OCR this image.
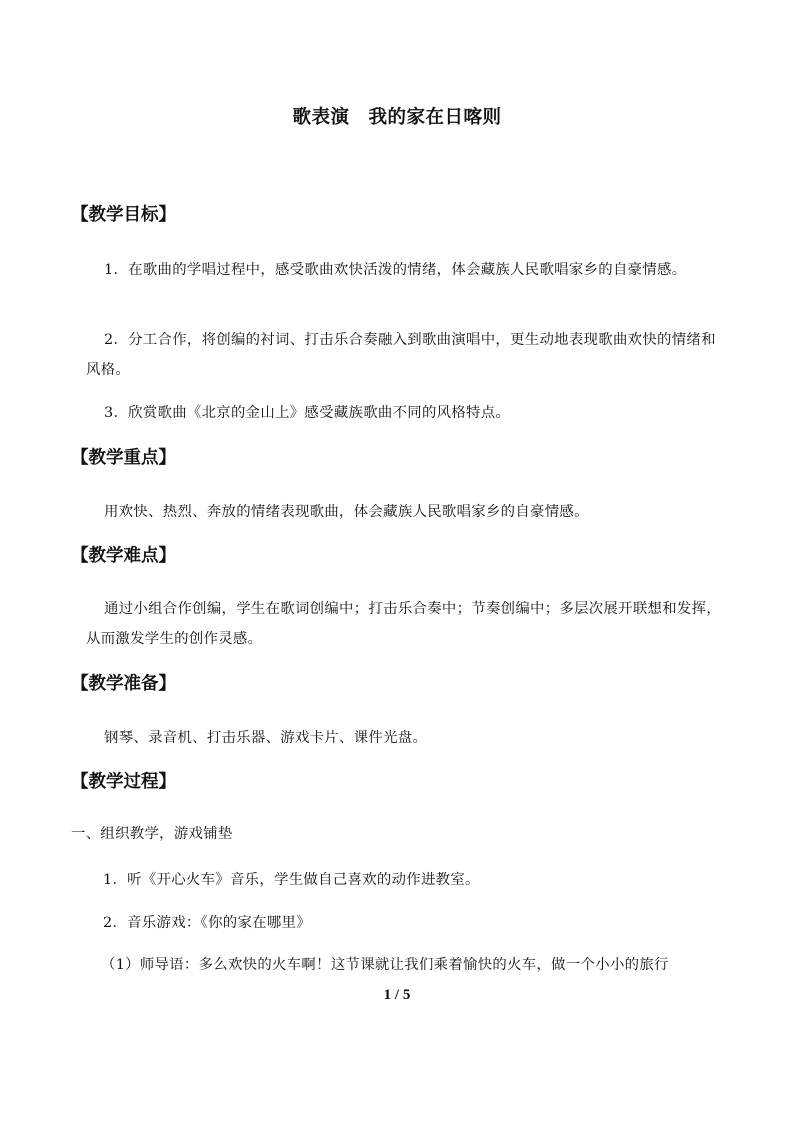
歌表演　我的家在日喀则
【教学目标】
1．在歌曲的学唱过程中，感受歌曲欢快活泼的情绪，体会藏族人民歌唱家乡的自豪情感。
2．分工合作，将创编的衬词、打击乐合奏融入到歌曲演唱中，更生动地表现歌曲欢快的情绪和风格。
3．欣赏歌曲《北京的金山上》感受藏族歌曲不同的风格特点。
【教学重点】
用欢快、热烈、奔放的情绪表现歌曲，体会藏族人民歌唱家乡的自豪情感。
【教学难点】
通过小组合作创编，学生在歌词创编中；打击乐合奏中；节奏创编中；多层次展开联想和发挥，从而激发学生的创作灵感。
【教学准备】
钢琴、录音机、打击乐器、游戏卡片、课件光盘。
【教学过程】
一、组织教学，游戏铺垫
1．听《开心火车》音乐，学生做自己喜欢的动作进教室。
2．音乐游戏：《你的家在哪里》
（1）师导语：多么欢快的火车啊！这节课就让我们乘着愉快的火车，做一个小小的旅行
1 / 5
